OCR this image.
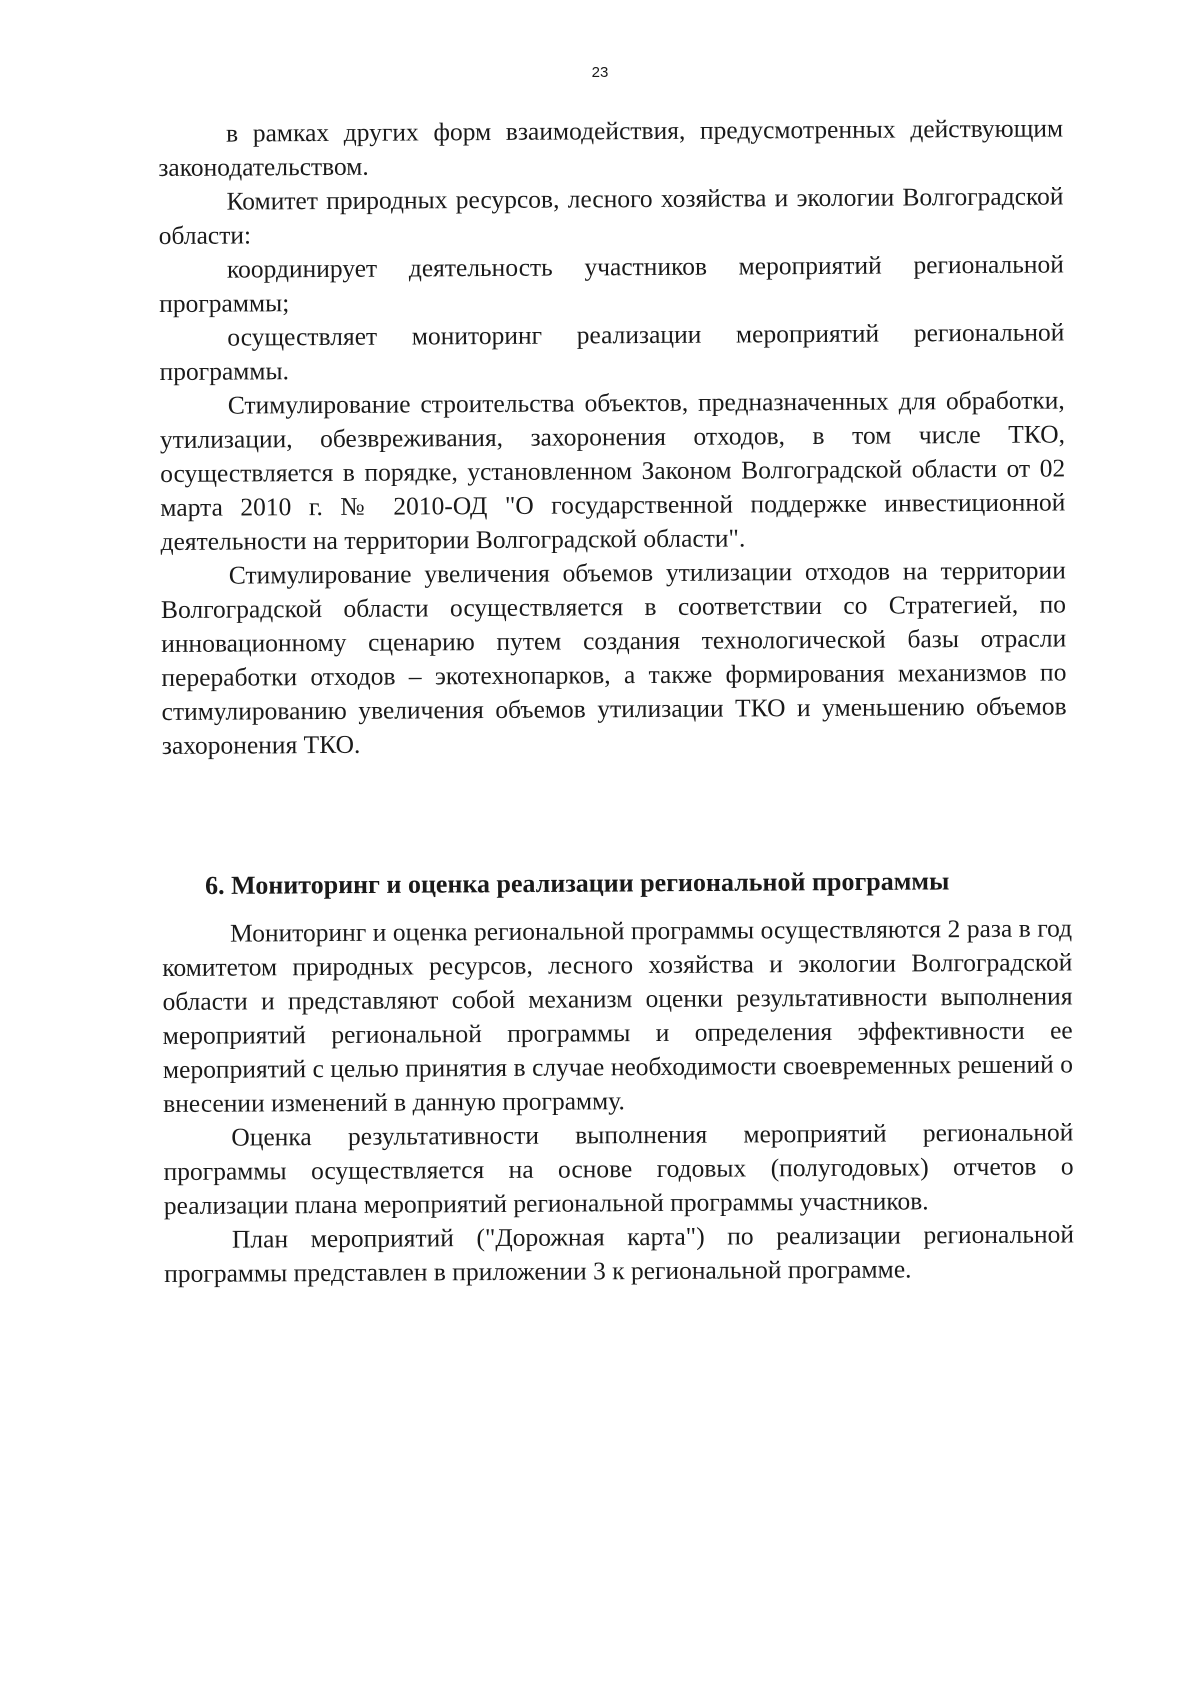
23

в рамках других форм взаимодействия, предусмотренных действующим законодательством.

Комитет природных ресурсов, лесного хозяйства и экологии Волгоградской области:

координирует деятельность участников мероприятий региональной программы;

осуществляет мониторинг реализации мероприятий региональной программы.

Стимулирование строительства объектов, предназначенных для обработки, утилизации, обезвреживания, захоронения отходов, в том числе ТКО, осуществляется в порядке, установленном Законом Волгоградской области от 02 марта 2010 г. № 2010-ОД "О государственной поддержке инвестиционной деятельности на территории Волгоградской области".

Стимулирование увеличения объемов утилизации отходов на территории Волгоградской области осуществляется в соответствии со Стратегией, по инновационному сценарию путем создания технологической базы отрасли переработки отходов – экотехнопарков, а также формирования механизмов по стимулированию увеличения объемов утилизации ТКО и уменьшению объемов захоронения ТКО.

6. Мониторинг и оценка реализации региональной программы

Мониторинг и оценка региональной программы осуществляются 2 раза в год комитетом природных ресурсов, лесного хозяйства и экологии Волгоградской области и представляют собой механизм оценки результативности выполнения мероприятий региональной программы и определения эффективности ее мероприятий с целью принятия в случае необходимости своевременных решений о внесении изменений в данную программу.

Оценка результативности выполнения мероприятий региональной программы осуществляется на основе годовых (полугодовых) отчетов о реализации плана мероприятий региональной программы участников.

План мероприятий ("Дорожная карта") по реализации региональной программы представлен в приложении 3 к региональной программе.
